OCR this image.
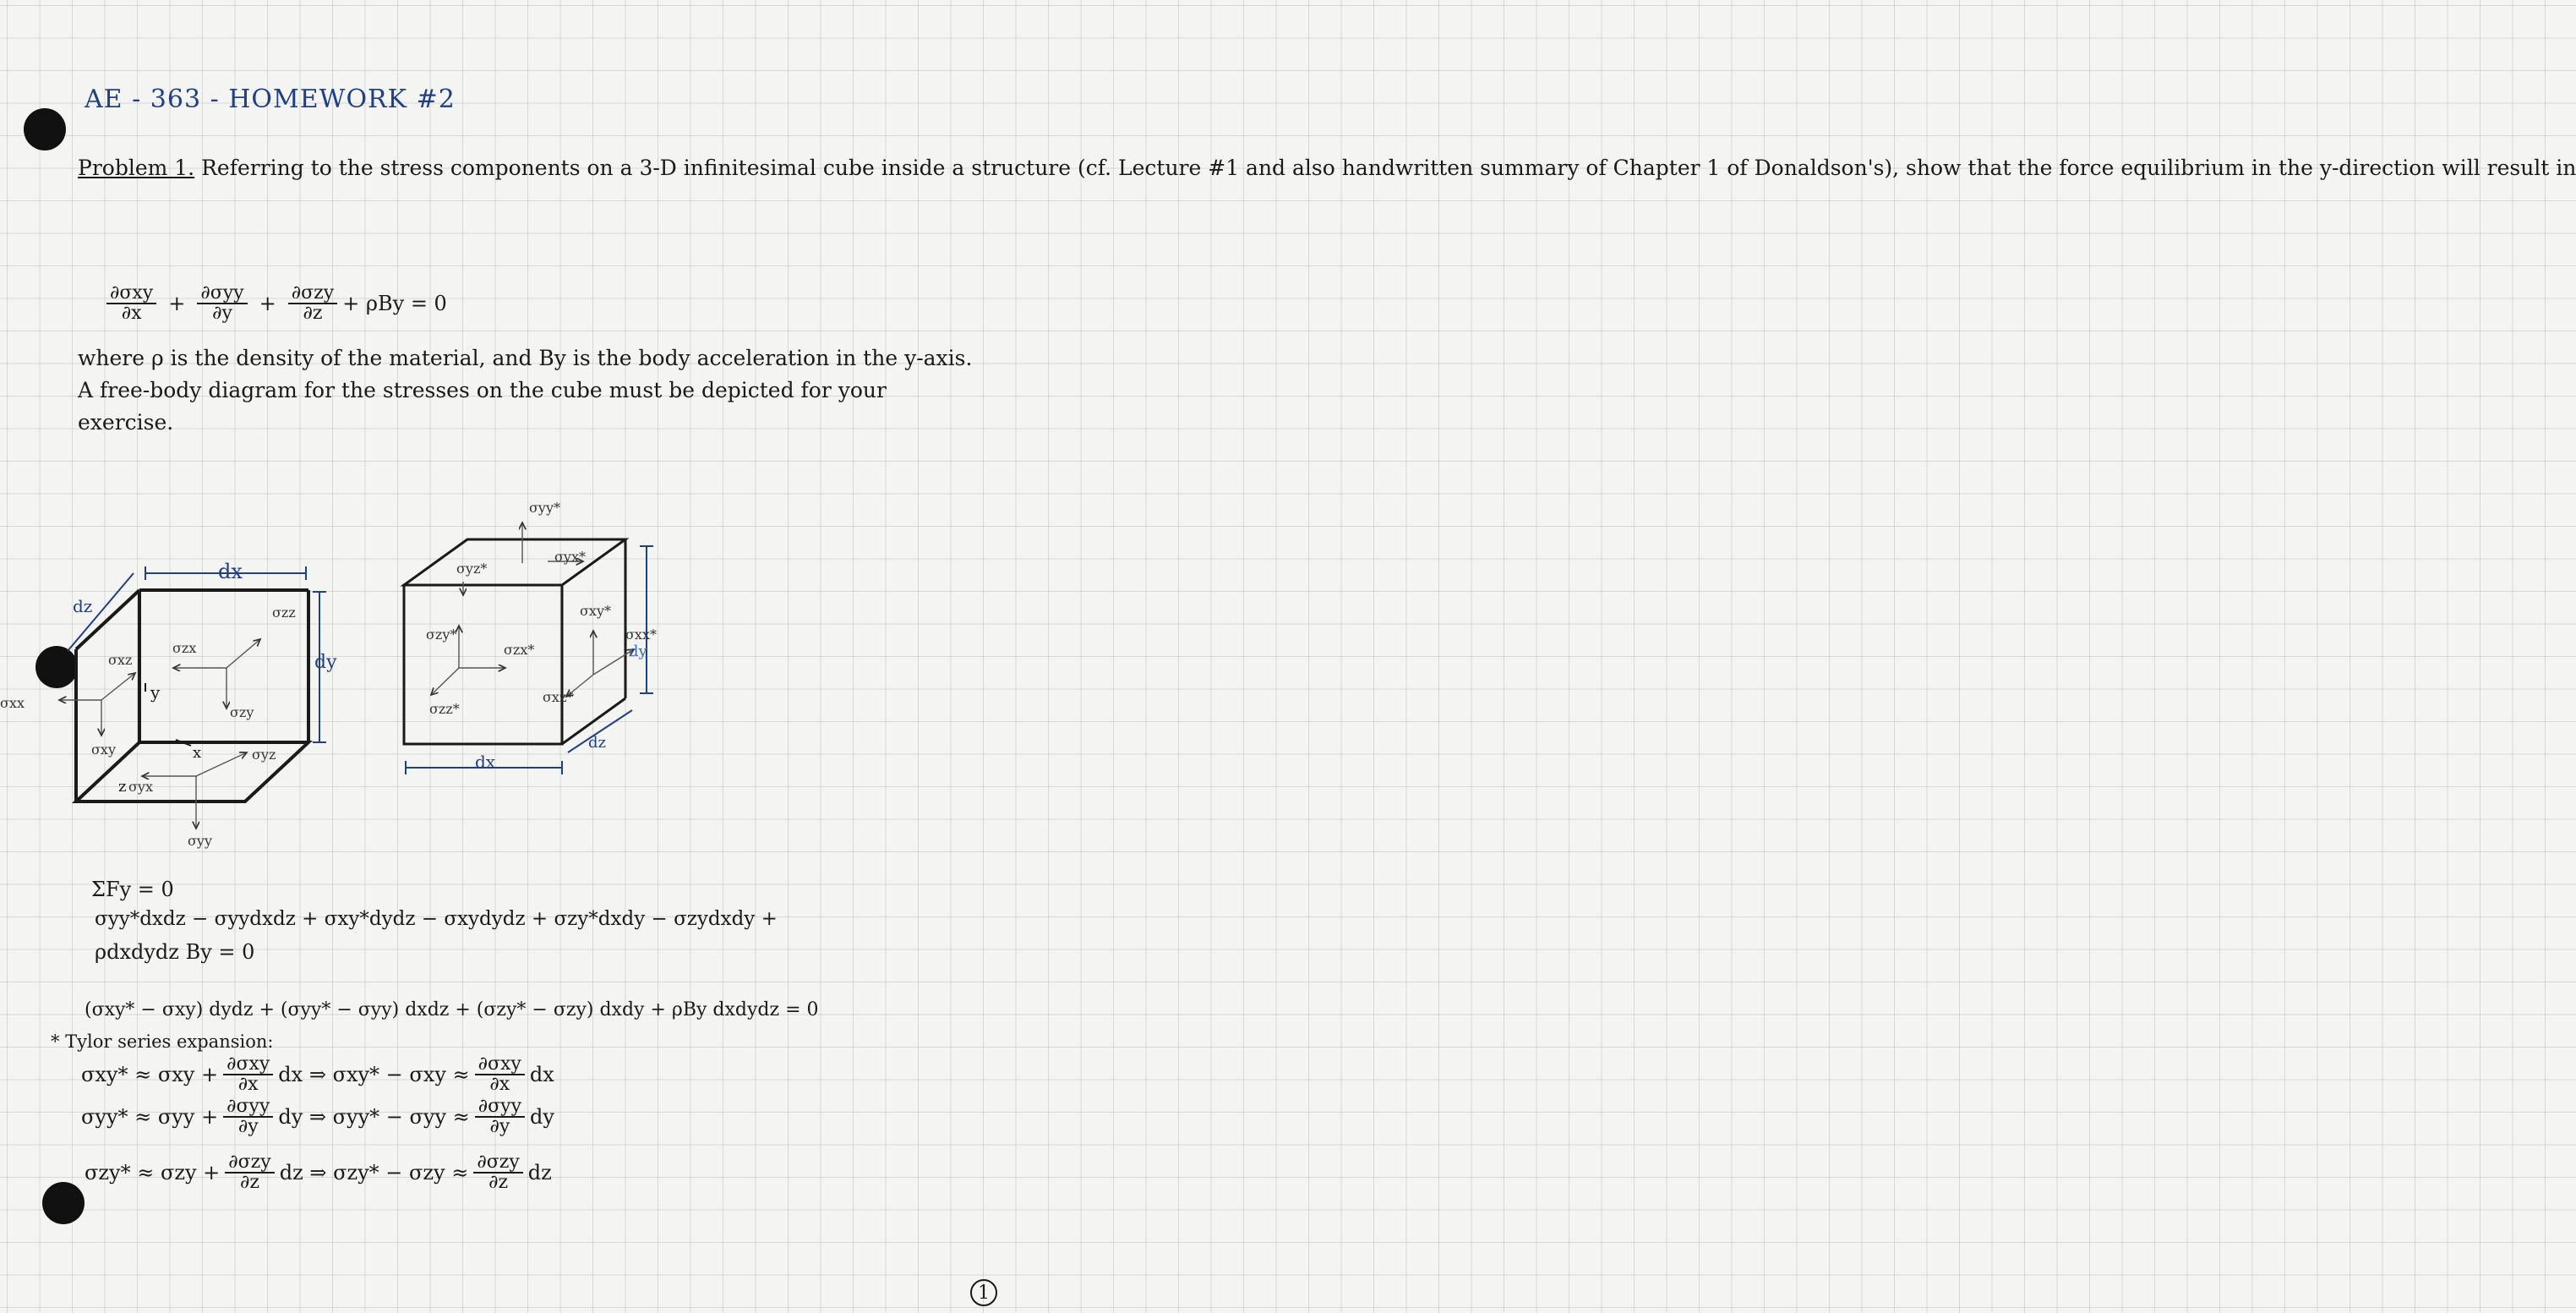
AE - 363 - HOMEWORK #2
Problem 1. Referring to the stress components on a 3-D infinitesimal cube inside a structure (cf. Lecture #1 and also handwritten summary of Chapter 1 of Donaldson's), show that the force equilibrium in the y-direction will result in
$\frac{\text{∂σxy}}{\partial x} + \frac{\text{∂σyy}}{\partial y} + \frac{\text{∂σzy}}{\partial z} + \rho By = 0$
where ρ is the density of the material, and By is the body acceleration in the y-axis. A free-body diagram for the stresses on the cube must be depicted for your exercise.
dz
dx
dy
σxx
σxz
σxy
σzx
σzz
σzy
σyz
σyx
σyy
y
x
z
σyy*
σyx*
σyz*
σzy*
σzx*
σzz*
σxy*
σxx*
σxz*
dx
dy
dz
ΣFy = 0
σyy*dxdz − σyydxdz + σxy*dydz − σxydydz + σzy*dxdy − σzydxdy +
ρdxdydz By = 0
(σxy* − σxy) dydz + (σyy* − σyy) dxdz + (σzy* − σzy) dxdy + ρBy dxdydz = 0
* Tylor series expansion:
$\sigma xy* \approx \sigma xy + \frac{\text{∂σxy}}{\partial x}$ dx ⇒ $\sigma xy* - \sigma xy \approx \frac{\text{∂σxy}}{\partial x}$ dx
$\sigma yy* \approx \sigma yy + \frac{\text{∂σyy}}{\partial y}$ dy ⇒ $\sigma yy* - \sigma yy \approx \frac{\text{∂σyy}}{\partial y}$ dy
$\sigma zy* \approx \sigma zy + \frac{\text{∂σzy}}{\partial z}$ dz ⇒ $\sigma zy* - \sigma zy \approx \frac{\text{∂σzy}}{\partial z}$ dz
1
